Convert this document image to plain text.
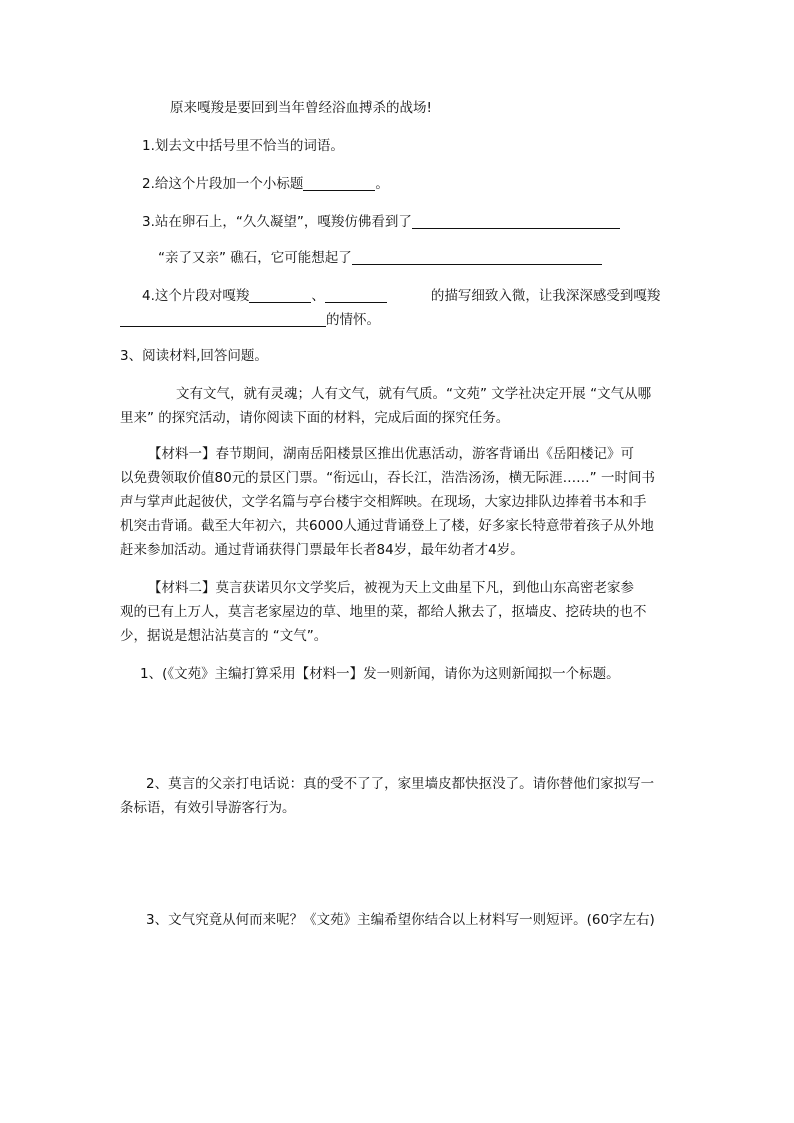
原来嘎羧是要回到当年曾经浴血搏杀的战场!
1.划去文中括号里不恰当的词语。
2.给这个片段加一个小标题	。
3.站在卵石上，“久久凝望”，嘎羧仿佛看到了
“亲了又亲” 礁石，它可能想起了
4.这个片段对嘎羧	、	的描写细致入微，让我深深感受到嘎羧
的情怀。
3、阅读材料,回答问题。
文有文气，就有灵魂；人有文气，就有气质。“文苑” 文学社决定开展 “文气从哪
里来” 的探究活动，请你阅读下面的材料，完成后面的探究任务。
【材料一】春节期间，湖南岳阳楼景区推出优惠活动，游客背诵出《岳阳楼记》可
以免费领取价值80元的景区门票。“衔远山，吞长江，浩浩汤汤，横无际涯……” 一时间书
声与掌声此起彼伏，文学名篇与亭台楼宇交相辉映。在现场，大家边排队边捧着书本和手
机突击背诵。截至大年初六，共6000人通过背诵登上了楼，好多家长特意带着孩子从外地
赶来参加活动。通过背诵获得门票最年长者84岁，最年幼者才4岁。
【材料二】莫言获诺贝尔文学奖后，被视为天上文曲星下凡，到他山东高密老家参
观的已有上万人，莫言老家屋边的草、地里的菜，都给人揪去了，抠墙皮、挖砖块的也不
少，据说是想沾沾莫言的 “文气”。
1、(《文苑》主编打算采用【材料一】发一则新闻，请你为这则新闻拟一个标题。
2、莫言的父亲打电话说：真的受不了了，家里墙皮都快抠没了。请你替他们家拟写一
条标语，有效引导游客行为。
3、文气究竟从何而来呢？《文苑》主编希望你结合以上材料写一则短评。(60字左右)
